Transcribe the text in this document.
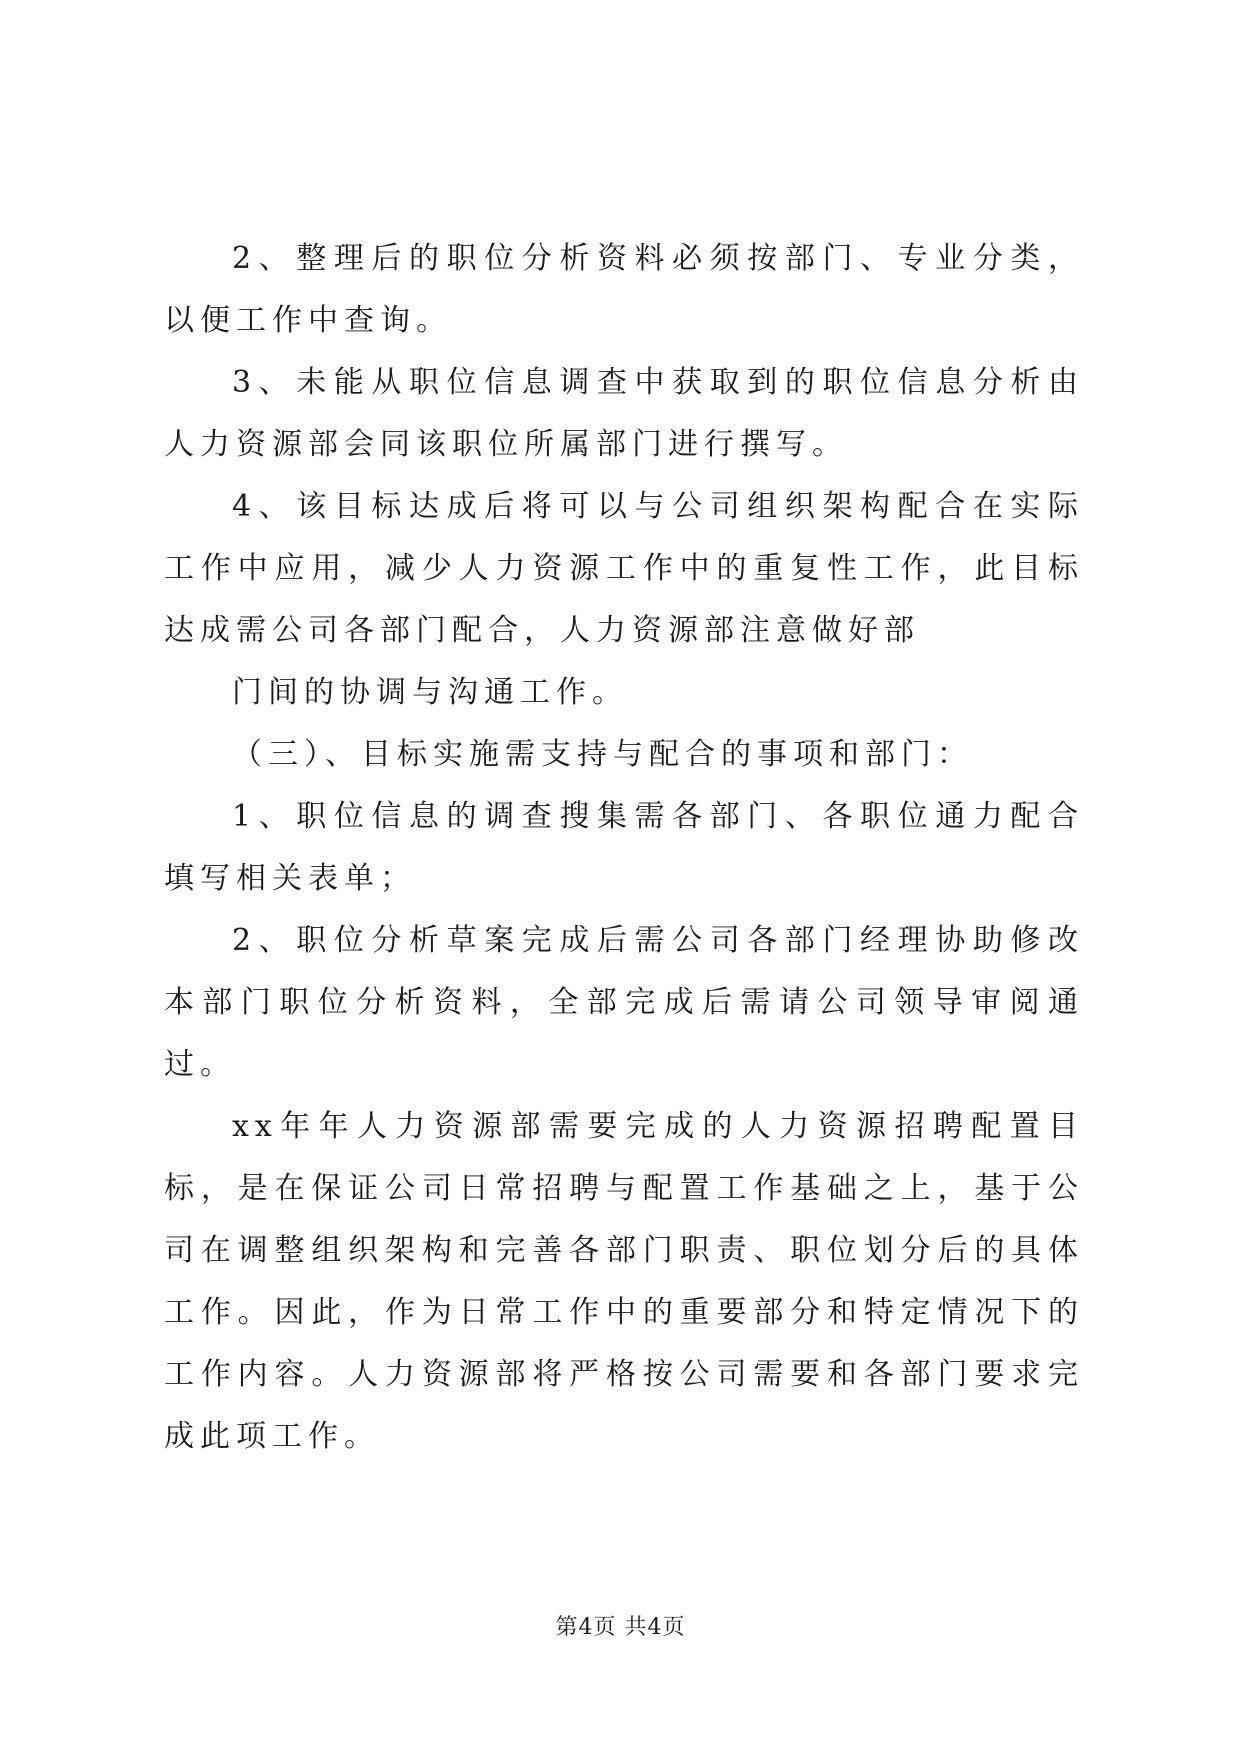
2、整理后的职位分析资料必须按部门、专业分类，以便工作中查询。

3、未能从职位信息调查中获取到的职位信息分析由人力资源部会同该职位所属部门进行撰写。

4、该目标达成后将可以与公司组织架构配合在实际工作中应用，减少人力资源工作中的重复性工作，此目标达成需公司各部门配合，人力资源部注意做好部

门间的协调与沟通工作。

（三）、目标实施需支持与配合的事项和部门：

1、职位信息的调查搜集需各部门、各职位通力配合填写相关表单；

2、职位分析草案完成后需公司各部门经理协助修改本部门职位分析资料，全部完成后需请公司领导审阅通过。

xx年年人力资源部需要完成的人力资源招聘配置目标，是在保证公司日常招聘与配置工作基础之上，基于公司在调整组织架构和完善各部门职责、职位划分后的具体工作。因此，作为日常工作中的重要部分和特定情况下的工作内容。人力资源部将严格按公司需要和各部门要求完成此项工作。

第4页 共4页
